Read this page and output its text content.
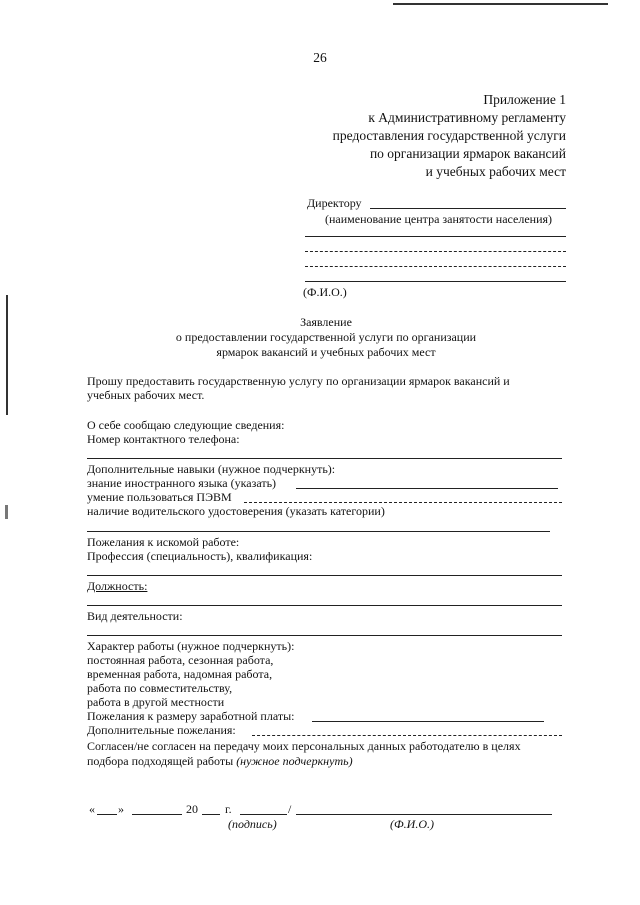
26
Приложение 1
к Административному регламенту
предоставления государственной услуги
по организации ярмарок вакансий
и учебных рабочих мест
Директору
(наименование центра занятости населения)
(Ф.И.О.)
Заявление
о предоставлении государственной услуги по организации
ярмарок вакансий и учебных рабочих мест
Прошу предоставить государственную услугу по организации ярмарок вакансий и
учебных рабочих мест.
О себе сообщаю следующие сведения:
Номер контактного телефона:
Дополнительные навыки (нужное подчеркнуть):
знание иностранного языка (указать)
умение пользоваться ПЭВМ
наличие водительского удостоверения (указать категории)
Пожелания к искомой работе:
Профессия (специальность), квалификация:
Должность:
Вид деятельности:
Характер работы (нужное подчеркнуть):
постоянная работа, сезонная работа,
временная работа, надомная работа,
работа по совместительству,
работа в другой местности
Пожелания к размеру заработной платы:
Дополнительные пожелания:
Согласен/не согласен на передачу моих персональных данных работодателю в целях
подбора подходящей работы (нужное подчеркнуть)
« »	20 г.	/
(подпись)	(Ф.И.О.)
